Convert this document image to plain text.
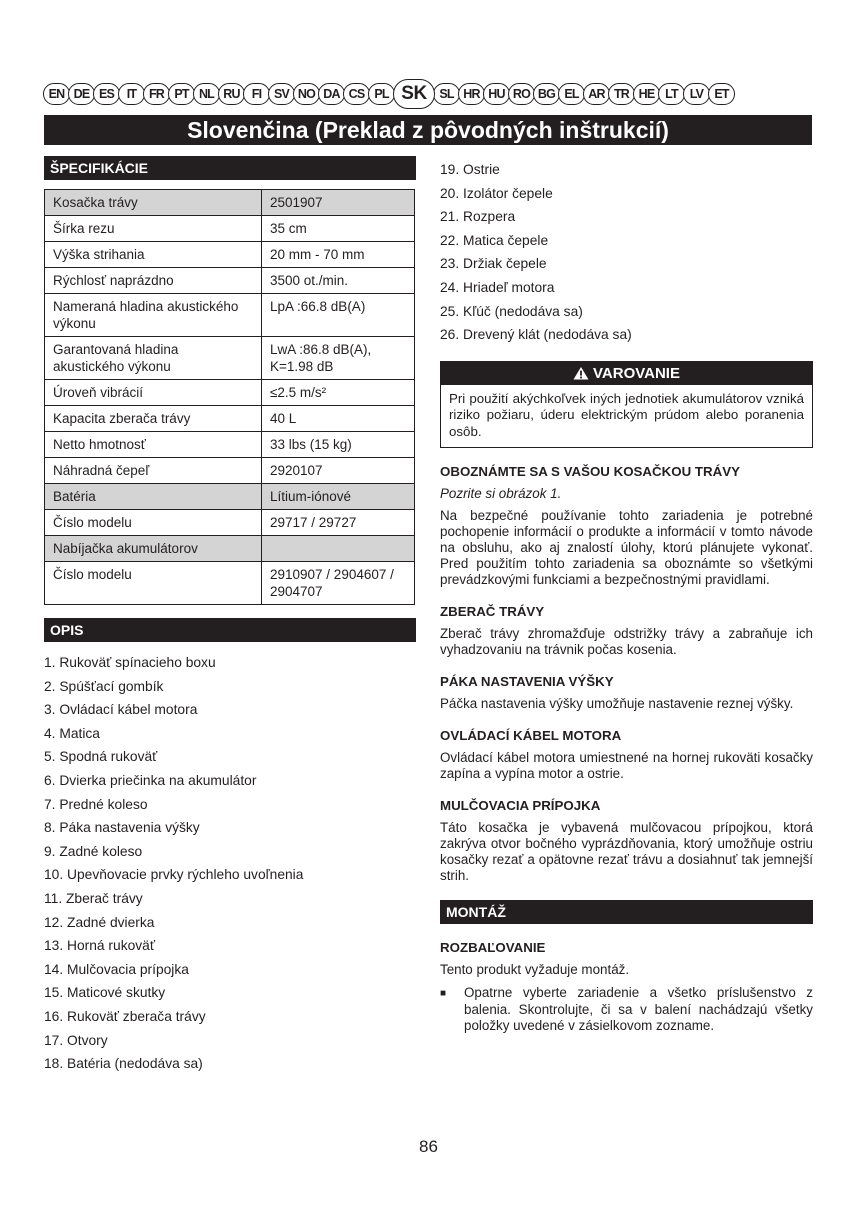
EN DE ES	IT	FR PT NL RU FI	SV NO DA CS PL SK	SL HR HU RO BG EL AR TR HE LT LV ET
Slovenčina (Preklad z pôvodných inštrukcií)
ŠPECIFIKÁCIE
Kosačka trávy	2501907
Šírka rezu	35 cm
Výška strihania	20 mm - 70 mm
Rýchlosť naprázdno	3500 ot./min.
Nameraná hladina akustického výkonu	LpA :66.8 dB(A)
Garantovaná hladina akustického výkonu	LwA :86.8 dB(A), K=1.98 dB
Úroveň vibrácií	≤2.5 m/s²
Kapacita zberača trávy	40 L
Netto hmotnosť	33 lbs (15 kg)
Náhradná čepeľ	2920107
Batéria	Lítium-iónové
Číslo modelu	29717 / 29727
Nabíjačka akumulátorov	
Číslo modelu	2910907 / 2904607 / 2904707
OPIS
1. Rukoväť spínacieho boxu
2. Spúšťací gombík
3. Ovládací kábel motora
4. Matica
5. Spodná rukoväť
6. Dvierka priečinka na akumulátor
7. Predné koleso
8. Páka nastavenia výšky
9. Zadné koleso
10. Upevňovacie prvky rýchleho uvoľnenia
11. Zberač trávy
12. Zadné dvierka
13. Horná rukoväť
14. Mulčovacia prípojka
15. Maticové skutky
16. Rukoväť zberača trávy
17. Otvory
18. Batéria (nedodáva sa)
19. Ostrie
20. Izolátor čepele
21. Rozpera
22. Matica čepele
23. Držiak čepele
24. Hriadeľ motora
25. Kľúč (nedodáva sa)
26. Drevený klát (nedodáva sa)
VAROVANIE
Pri použití akýchkoľvek iných jednotiek akumulátorov vzniká riziko požiaru, úderu elektrickým prúdom alebo poranenia osôb.
OBOZNÁMTE SA S VAŠOU KOSAČKOU TRÁVY

Pozrite si obrázok 1.

Na bezpečné používanie tohto zariadenia je potrebné pochopenie informácií o produkte a informácií v tomto návode na obsluhu, ako aj znalostí úlohy, ktorú plánujete vykonať. Pred použitím tohto zariadenia sa oboznámte so všetkými prevádzkovými funkciami a bezpečnostnými pravidlami.

ZBERAČ TRÁVY

Zberač trávy zhromažďuje odstrižky trávy a zabraňuje ich vyhadzovaniu na trávnik počas kosenia.

PÁKA NASTAVENIA VÝŠKY

Páčka nastavenia výšky umožňuje nastavenie reznej výšky.

OVLÁDACÍ KÁBEL MOTORA

Ovládací kábel motora umiestnené na hornej rukoväti kosačky zapína a vypína motor a ostrie.

MULČOVACIA PRÍPOJKA

Táto kosačka je vybavená mulčovacou prípojkou, ktorá zakrýva otvor bočného vyprázdňovania, ktorý umožňuje ostriu kosačky rezať a opätovne rezať trávu a dosiahnuť tak jemnejší strih.

MONTÁŽ
ROZBAĽOVANIE

Tento produkt vyžaduje montáž.

■	Opatrne vyberte zariadenie a všetko príslušenstvo z balenia. Skontrolujte, či sa v balení nachádzajú všetky položky uvedené v zásielkovom zozname.
86
